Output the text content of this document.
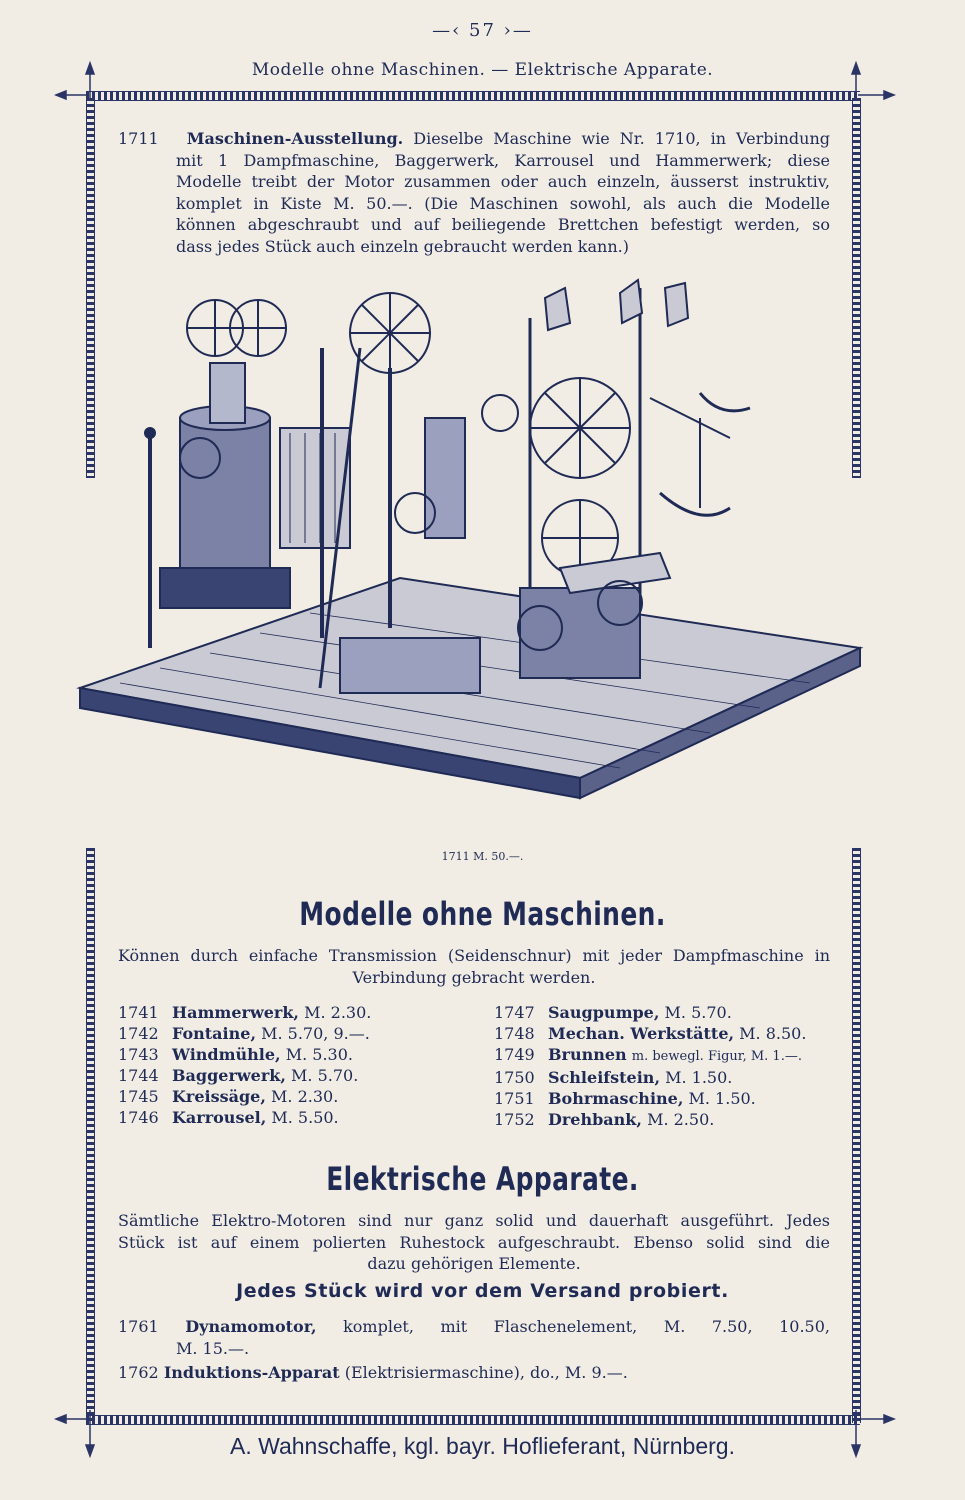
—‹ 57 ›—
Modelle ohne Maschinen. — Elektrische Apparate.
1711 Maschinen-Ausstellung. Dieselbe Maschine wie Nr. 1710, in Verbindung
mit 1 Dampfmaschine, Baggerwerk, Karrousel und Hammerwerk; diese
Modelle treibt der Motor zusammen oder auch einzeln, äusserst instruktiv,
komplet in Kiste M. 50.—. (Die Maschinen sowohl, als auch die Modelle
können abgeschraubt und auf beiliegende Brettchen befestigt werden, so
dass jedes Stück auch einzeln gebraucht werden kann.)
1711 M. 50.—.
Modelle ohne Maschinen.
Können durch einfache Transmission (Seidenschnur) mit jeder Dampfmaschine in
Verbindung gebracht werden.
1741 Hammerwerk, M. 2.30.
1742 Fontaine, M. 5.70, 9.—.
1743 Windmühle, M. 5.30.
1744 Baggerwerk, M. 5.70.
1745 Kreissäge, M. 2.30.
1746 Karrousel, M. 5.50.
1747 Saugpumpe, M. 5.70.
1748 Mechan. Werkstätte, M. 8.50.
1749 Brunnen m. bewegl. Figur, M. 1.—.
1750 Schleifstein, M. 1.50.
1751 Bohrmaschine, M. 1.50.
1752 Drehbank, M. 2.50.
Elektrische Apparate.
Sämtliche Elektro-Motoren sind nur ganz solid und dauerhaft ausgeführt. Jedes
Stück ist auf einem polierten Ruhestock aufgeschraubt. Ebenso solid sind die
dazu gehörigen Elemente.
Jedes Stück wird vor dem Versand probiert.
1761 Dynamomotor, komplet, mit Flaschenelement, M. 7.50, 10.50,
M. 15.—.
1762 Induktions-Apparat (Elektrisiermaschine), do., M. 9.—.
A. Wahnschaffe, kgl. bayr. Hoflieferant, Nürnberg.
